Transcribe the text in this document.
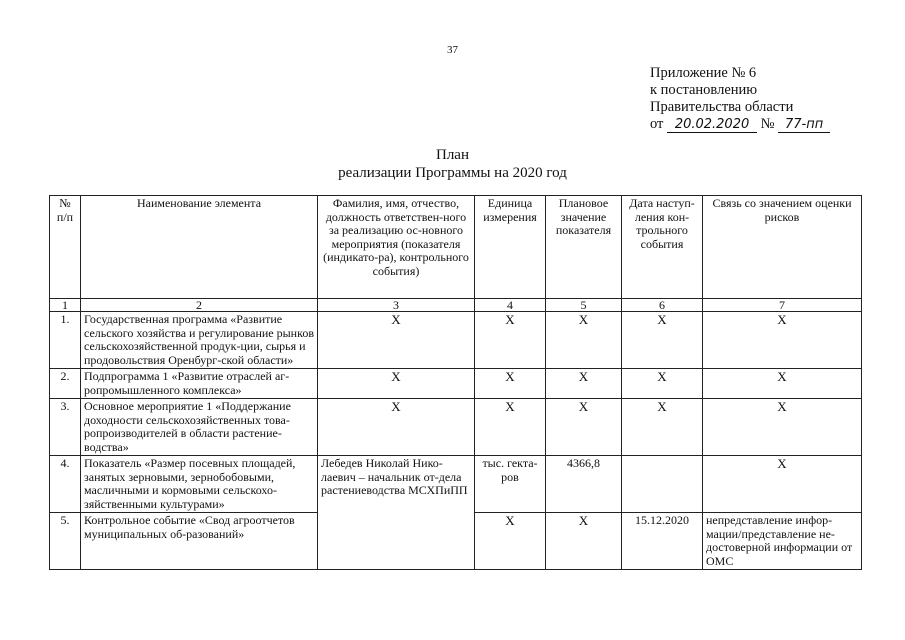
37
Приложение № 6
к постановлению
Правительства области
от 20.02.2020 № 77-пп
План
реализации Программы на 2020 год
№ п/п	Наименование элемента	Фамилия, имя, отчество, должность ответствен-ного за реализацию ос-новного мероприятия (показателя (индикато-ра), контрольного события)	Единица измерения	Плановое значение показателя	Дата наступ-ления кон-трольного события	Связь со значением оценки рисков
1	2	3	4	5	6	7
1.	Государственная программа «Развитие сельского хозяйства и регулирование рынков сельскохозяйственной продук-ции, сырья и продовольствия Оренбург-ской области»	X	X	X	X	X
2.	Подпрограмма 1 «Развитие отраслей аг-ропромышленного комплекса»	X	X	X	X	X
3.	Основное мероприятие 1 «Поддержание доходности сельскохозяйственных това-ропроизводителей в области растение-водства»	X	X	X	X	X
4.	Показатель «Размер посевных площадей, занятых зерновыми, зернобобовыми, масличными и кормовыми сельскохо-зяйственными культурами»	Лебедев Николай Нико-лаевич – начальник от-дела растениеводства МСХПиПП	тыс. гекта-ров	4366,8		X
5.	Контрольное событие «Свод агроотчетов муниципальных об-разований»		X	X	15.12.2020	непредставление инфор-мации/представление не-достоверной информации от ОМС
